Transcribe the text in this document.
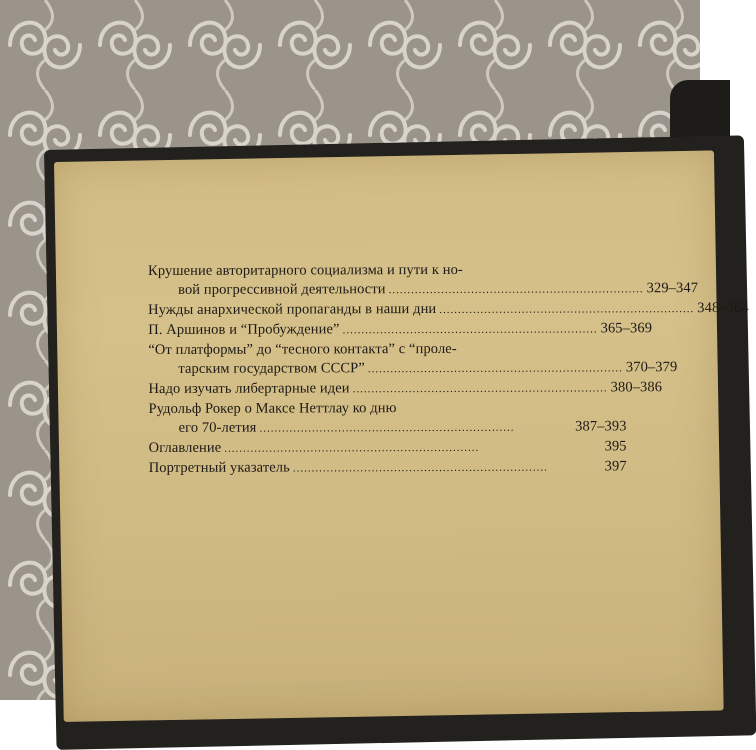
Крушение авторитарного социализма и пути к но-
вой прогрессивной деятельности .................................................................... 329–347
Нужды анархической пропаганды в наши дни .................................................................... 348–364
П. Аршинов и “Пробуждение” .................................................................... 365–369
“От платформы” до “тесного контакта” с “проле-
тарским государством СССР” .................................................................... 370–379
Надо изучать либертарные идеи .................................................................... 380–386
Рудольф Рокер о Максе Неттлау ко дню
его 70-летия ....................................................................	387–393
Оглавление ....................................................................	395
Портретный указатель ....................................................................	397
